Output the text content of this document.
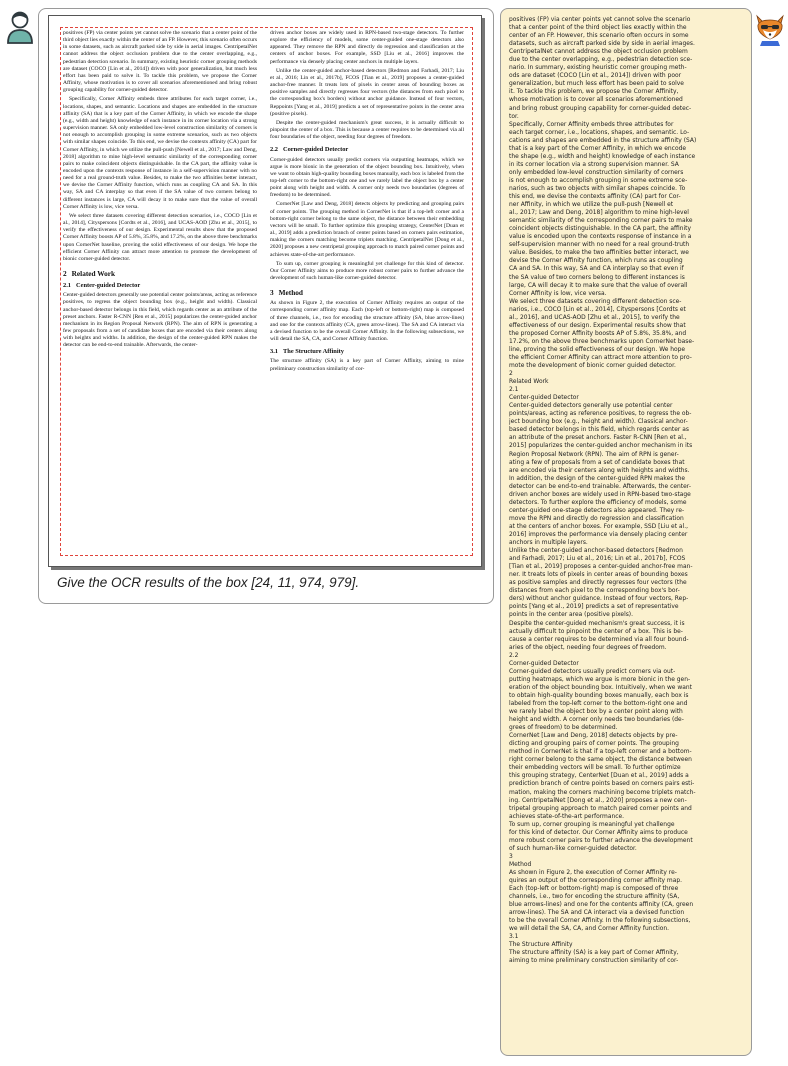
positives (FP) via center points yet cannot solve the scenario that a center point of the third object lies exactly within the center of an FP. However, this scenario often occurs in some datasets, such as aircraft parked side by side in aerial images. CentripetalNet cannot address the object occlusion problem due to the center overlapping, e.g., pedestrian detection scenario. In summary, existing heuristic corner grouping methods are dataset (COCO [Lin et al., 2014]) driven with poor generalization, but much less effort has been paid to solve it. To tackle this problem, we propose the Corner Affinity, whose motivation is to cover all scenarios aforementioned and bring robust grouping capability for corner-guided detector.
Specifically, Corner Affinity embeds three attributes for each target corner, i.e., locations, shapes, and semantic. Locations and shapes are embedded in the structure affinity (SA) that is a key part of the Corner Affinity, in which we encode the shape (e.g., width and height) knowledge of each instance in its corner location via a strong supervision manner. SA only embedded low-level construction similarity of corners is not enough to accomplish grouping in some extreme scenarios, such as two objects with similar shapes coincide. To this end, we devise the contexts affinity (CA) part for Corner Affinity, in which we utilize the pull-push [Newell et al., 2017; Law and Deng, 2018] algorithm to mine high-level semantic similarity of the corresponding corner pairs to make coincident objects distinguishable. In the CA part, the affinity value is encoded upon the contexts response of instance in a self-supervision manner with no need for a real ground-truth value. Besides, to make the two affinities better interact, we devise the Corner Affinity function, which runs as coupling CA and SA. In this way, SA and CA interplay so that even if the SA value of two corners belong to different instances is large, CA will decay it to make sure that the value of overall Corner Affinity is low, vice versa.
We select three datasets covering different detection scenarios, i.e., COCO [Lin et al., 2014], Cityspersons [Cordts et al., 2016], and UCAS-AOD [Zhu et al., 2015], to verify the effectiveness of our design. Experimental results show that the proposed Corner Affinity boosts AP of 5.8%, 35.8%, and 17.2%, on the above three benchmarks upon CornerNet baseline, proving the solid effectiveness of our design. We hope the efficient Corner Affinity can attract more attention to promote the development of bionic corner-guided detector.
2 Related Work
2.1 Center-guided Detector
Center-guided detectors generally use potential center points/areas, acting as reference positives, to regress the object bounding box (e.g., height and width). Classical anchor-based detector belongs in this field, which regards center as an attribute of the preset anchors. Faster R-CNN [Ren et al., 2015] popularizes the center-guided anchor mechanism in its Region Proposal Network (RPN). The aim of RPN is generating a few proposals from a set of candidate boxes that are encoded via their centers along with heights and widths. In addition, the design of the center-guided RPN makes the detector can be end-to-end trainable. Afterwards, the center-
driven anchor boxes are widely used in RPN-based two-stage detectors. To further explore the efficiency of models, some center-guided one-stage detectors also appeared. They remove the RPN and directly do regression and classification at the centers of anchor boxes. For example, SSD [Liu et al., 2016] improves the performance via densely placing center anchors in multiple layers.
Unlike the center-guided anchor-based detectors [Redmon and Farhadi, 2017; Liu et al., 2016; Lin et al., 2017b], FCOS [Tian et al., 2019] proposes a center-guided anchor-free manner. It treats lots of pixels in center areas of bounding boxes as positive samples and directly regresses four vectors (the distances from each pixel to the corresponding box's borders) without anchor guidance. Instead of four vectors, Reppoints [Yang et al., 2019] predicts a set of representative points in the center area (positive pixels).
Despite the center-guided mechanism's great success, it is actually difficult to pinpoint the center of a box. This is because a center requires to be determined via all four boundaries of the object, needing four degrees of freedom.
2.2 Corner-guided Detector
Corner-guided detectors usually predict corners via outputting heatmaps, which we argue is more bionic in the generation of the object bounding box. Intuitively, when we want to obtain high-quality bounding boxes manually, each box is labeled from the top-left corner to the bottom-right one and we rarely label the object box by a center point along with height and width. A corner only needs two boundaries (degrees of freedom) to be determined.
CornerNet [Law and Deng, 2018] detects objects by predicting and grouping pairs of corner points. The grouping method in CornerNet is that if a top-left corner and a bottom-right corner belong to the same object, the distance between their embedding vectors will be small. To further optimize this grouping strategy, CenterNet [Duan et al., 2019] adds a prediction branch of center points based on corners pairs estimation, making the corners matching become triplets matching. CentripetalNet [Dong et al., 2020] proposes a new centripetal grouping approach to match paired corner points and achieves state-of-the-art performance.
To sum up, corner grouping is meaningful yet challenge for this kind of detector. Our Corner Affinity aims to produce more robust corner pairs to further advance the development of such human-like corner-guided detector.
3 Method
As shown in Figure 2, the execution of Corner Affinity requires an output of the corresponding corner affinity map. Each (top-left or bottom-right) map is composed of three channels, i.e., two for encoding the structure affinity (SA, blue arrow-lines) and one for the contexts affinity (CA, green arrow-lines). The SA and CA interact via a devised function to be the overall Corner Affinity. In the following subsections, we will detail the SA, CA, and Corner Affinity function.
3.1 The Structure Affinity
The structure affinity (SA) is a key part of Corner Affinity, aiming to mine preliminary construction similarity of cor-
Give the OCR results of the box [24, 11, 974, 979].
positives (FP) via center points yet cannot solve the scenario
that a center point of the third object lies exactly within the
center of an FP. However, this scenario often occurs in some
datasets, such as aircraft parked side by side in aerial images.
CentripetalNet cannot address the object occlusion problem
due to the center overlapping, e.g., pedestrian detection sce-
nario. In summary, existing heuristic corner grouping meth-
ods are dataset (COCO [Lin et al., 2014]) driven with poor
generalization, but much less effort has been paid to solve
it. To tackle this problem, we propose the Corner Affinity,
whose motivation is to cover all scenarios aforementioned
and bring robust grouping capability for corner-guided detec-
tor.
Specifically, Corner Affinity embeds three attributes for
each target corner, i.e., locations, shapes, and semantic. Lo-
cations and shapes are embedded in the structure affinity (SA)
that is a key part of the Corner Affinity, in which we encode
the shape (e.g., width and height) knowledge of each instance
in its corner location via a strong supervision manner. SA
only embedded low-level construction similarity of corners
is not enough to accomplish grouping in some extreme sce-
narios, such as two objects with similar shapes coincide. To
this end, we devise the contexts affinity (CA) part for Cor-
ner Affinity, in which we utilize the pull-push [Newell et
al., 2017; Law and Deng, 2018] algorithm to mine high-level
semantic similarity of the corresponding corner pairs to make
coincident objects distinguishable. In the CA part, the affinity
value is encoded upon the contexts response of instance in a
self-supervision manner with no need for a real ground-truth
value. Besides, to make the two affinities better interact, we
devise the Corner Affinity function, which runs as coupling
CA and SA. In this way, SA and CA interplay so that even if
the SA value of two corners belong to different instances is
large, CA will decay it to make sure that the value of overall
Corner Affinity is low, vice versa.
We select three datasets covering different detection sce-
narios, i.e., COCO [Lin et al., 2014], Cityspersons [Cordts et
al., 2016], and UCAS-AOD [Zhu et al., 2015], to verify the
effectiveness of our design. Experimental results show that
the proposed Corner Affinity boosts AP of 5.8%, 35.8%, and
17.2%, on the above three benchmarks upon CornerNet base-
line, proving the solid effectiveness of our design. We hope
the efficient Corner Affinity can attract more attention to pro-
mote the development of bionic corner guided detector.
2
Related Work
2.1
Center-guided Detector
Center-guided detectors generally use potential center
points/areas, acting as reference positives, to regress the ob-
ject bounding box (e.g., height and width). Classical anchor-
based detector belongs in this field, which regards center as
an attribute of the preset anchors. Faster R-CNN [Ren et al.,
2015] popularizes the center-guided anchor mechanism in its
Region Proposal Network (RPN). The aim of RPN is gener-
ating a few of proposals from a set of candidate boxes that
are encoded via their centers along with heights and widths.
In addition, the design of the center-guided RPN makes the
detector can be end-to-end trainable. Afterwards, the center-
driven anchor boxes are widely used in RPN-based two-stage
detectors. To further explore the efficiency of models, some
center-guided one-stage detectors also appeared. They re-
move the RPN and directly do regression and classification
at the centers of anchor boxes. For example, SSD [Liu et al.,
2016] improves the performance via densely placing center
anchors in multiple layers.
Unlike the center-guided anchor-based detectors [Redmon
and Farhadi, 2017; Liu et al., 2016; Lin et al., 2017b], FCOS
[Tian et al., 2019] proposes a center-guided anchor-free man-
ner. It treats lots of pixels in center areas of bounding boxes
as positive samples and directly regresses four vectors (the
distances from each pixel to the corresponding box's bor-
ders) without anchor guidance. Instead of four vectors, Rep-
points [Yang et al., 2019] predicts a set of representative
points in the center area (positive pixels).
Despite the center-guided mechanism's great success, it is
actually difficult to pinpoint the center of a box. This is be-
cause a center requires to be determined via all four bound-
aries of the object, needing four degrees of freedom.
2.2
Corner-guided Detector
Corner-guided detectors usually predict corners via out-
putting heatmaps, which we argue is more bionic in the gen-
eration of the object bounding box. Intuitively, when we want
to obtain high-quality bounding boxes manually, each box is
labeled from the top-left corner to the bottom-right one and
we rarely label the object box by a center point along with
height and width. A corner only needs two boundaries (de-
grees of freedom) to be determined.
CornerNet [Law and Deng, 2018] detects objects by pre-
dicting and grouping pairs of corner points. The grouping
method in CornerNet is that if a top-left corner and a bottom-
right corner belong to the same object, the distance between
their embedding vectors will be small. To further optimize
this grouping strategy, CenterNet [Duan et al., 2019] adds a
prediction branch of centre points based on corners pairs esti-
mation, making the corners machining become triplets match-
ing. CentripetalNet [Dong et al., 2020] proposes a new cen-
tripetal grouping approach to match paired corner points and
achieves state-of-the-art performance.
To sum up, corner grouping is meaningful yet challenge
for this kind of detector. Our Corner Affinity aims to produce
more robust corner pairs to further advance the development
of such human-like corner-guided detector.
3
Method
As shown in Figure 2, the execution of Corner Affinity re-
quires an output of the corresponding corner affinity map.
Each (top-left or bottom-right) map is composed of three
channels, i.e., two for encoding the structure affinity (SA,
blue arrows-lines) and one for the contents affinity (CA, green
arrow-lines). The SA and CA interact via a devised function
to be the overall Corner Affinity. In the following subsections,
we will detail the SA, CA, and Corner Affinity function.
3.1
The Structure Affinity
The structure affinity (SA) is a key part of Corner Affinity,
aiming to mine preliminary construction similarity of cor-
